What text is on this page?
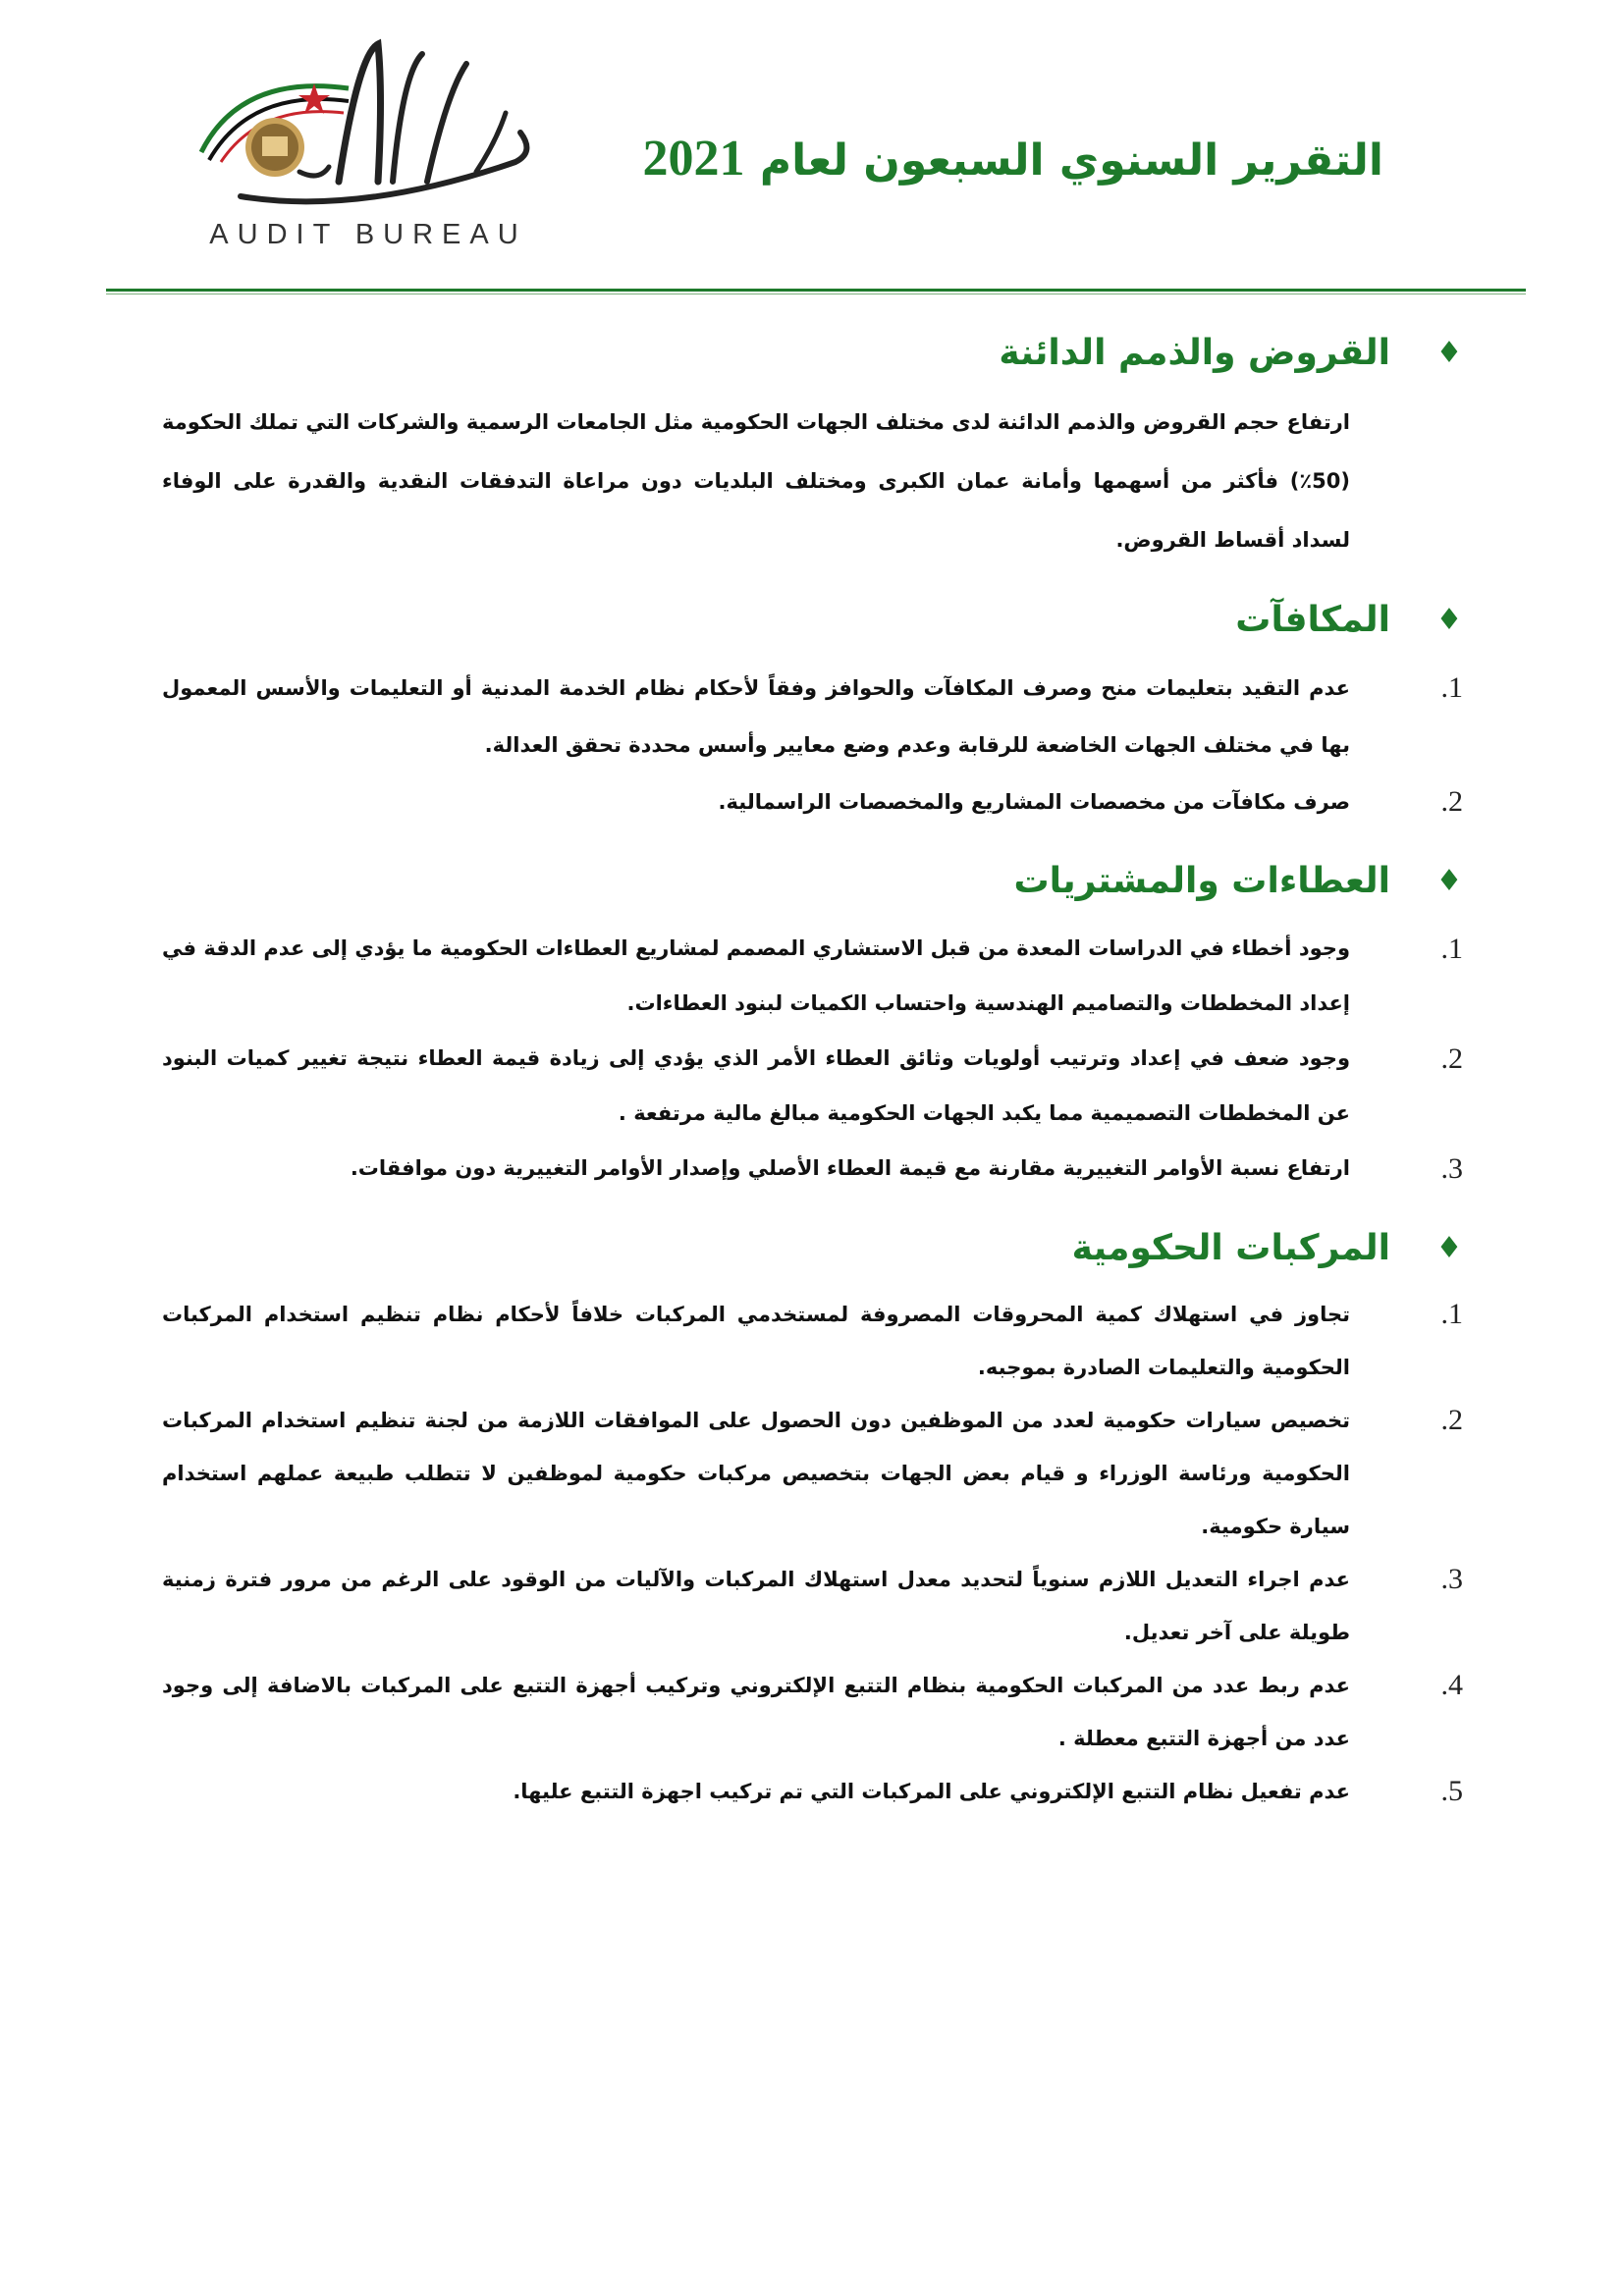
AUDIT BUREAU
التقرير السنوي السبعون لعام 2021
♦
القروض والذمم الدائنة

ارتفاع حجم القروض والذمم الدائنة لدى مختلف الجهات الحكومية مثل الجامعات الرسمية والشركات التي تملك الحكومة (50٪) فأكثر من أسهمها وأمانة عمان الكبرى ومختلف البلديات دون مراعاة التدفقات النقدية والقدرة على الوفاء لسداد أقساط القروض.

♦
المكافآت
1.
عدم التقيد بتعليمات منح وصرف المكافآت والحوافز وفقاً لأحكام نظام الخدمة المدنية أو التعليمات والأسس المعمول بها في مختلف الجهات الخاضعة للرقابة وعدم وضع معايير وأسس محددة تحقق العدالة.
2.
صرف مكافآت من مخصصات المشاريع والمخصصات الراسمالية.
♦
العطاءات والمشتريات
1.
وجود أخطاء في الدراسات المعدة من قبل الاستشاري المصمم لمشاريع العطاءات الحكومية ما يؤدي إلى عدم الدقة في إعداد المخططات والتصاميم الهندسية واحتساب الكميات لبنود العطاءات.
2.
وجود ضعف في إعداد وترتيب أولويات وثائق العطاء الأمر الذي يؤدي إلى زيادة قيمة العطاء نتيجة تغيير كميات البنود عن المخططات التصميمية مما يكبد الجهات الحكومية مبالغ مالية مرتفعة .
3.
ارتفاع نسبة الأوامر التغييرية مقارنة مع قيمة العطاء الأصلي وإصدار الأوامر التغييرية دون موافقات.
♦
المركبات الحكومية
1.
تجاوز في استهلاك كمية المحروقات المصروفة لمستخدمي المركبات خلافاً لأحكام نظام تنظيم استخدام المركبات الحكومية والتعليمات الصادرة بموجبه.
2.
تخصيص سيارات حكومية لعدد من الموظفين دون الحصول على الموافقات اللازمة من لجنة تنظيم استخدام المركبات الحكومية ورئاسة الوزراء و قيام بعض الجهات بتخصيص مركبات حكومية لموظفين لا تتطلب طبيعة عملهم استخدام سيارة حكومية.
3.
عدم اجراء التعديل اللازم سنوياً لتحديد معدل استهلاك المركبات والآليات من الوقود على الرغم من مرور فترة زمنية طويلة على آخر تعديل.
4.
عدم ربط عدد من المركبات الحكومية بنظام التتبع الإلكتروني وتركيب أجهزة التتبع على المركبات بالاضافة إلى وجود عدد من أجهزة التتبع معطلة .
5.
عدم تفعيل نظام التتبع الإلكتروني على المركبات التي تم تركيب اجهزة التتبع عليها.
